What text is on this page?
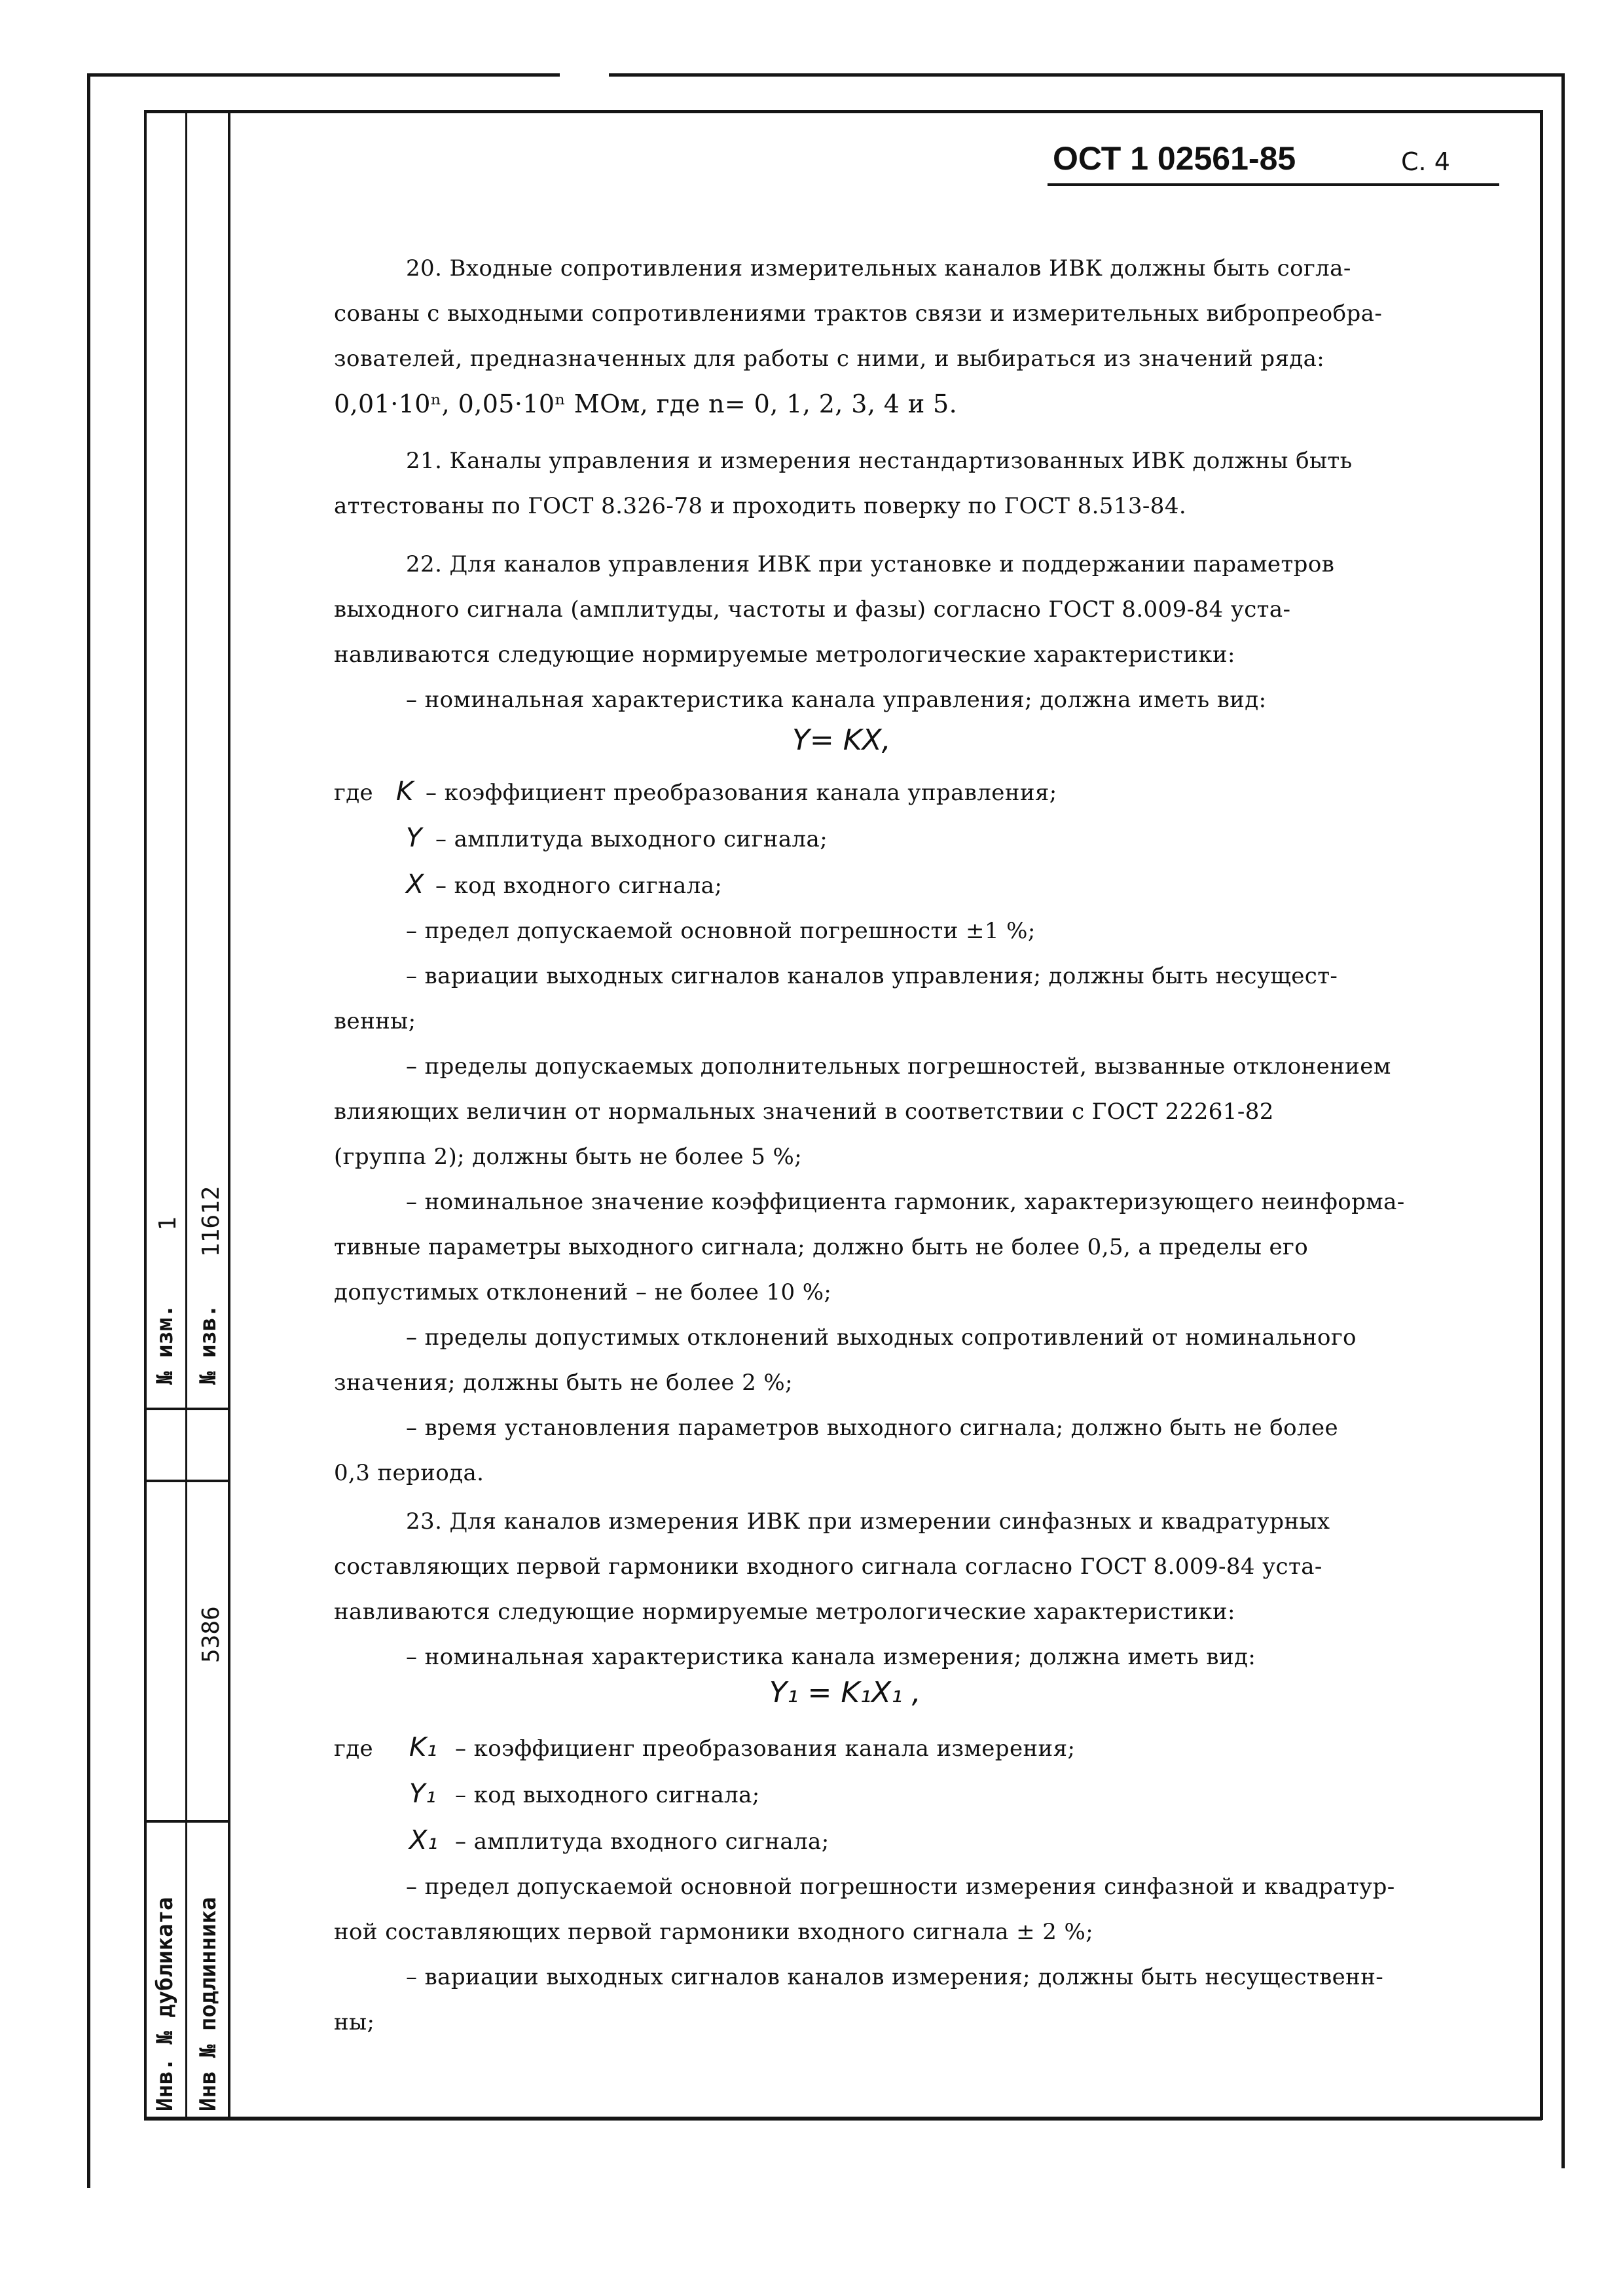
№ изм.
1
№ изв.
11612
Инв. № дубликата
5386
Инв № подлинника
ОСТ 1 02561-85	С. 4

20. Входные сопротивления измерительных каналов ИВК должны быть согла-

сованы с выходными сопротивлениями трактов связи и измерительных вибропреобра-

зователей, предназначенных для работы с ними, и выбираться из значений ряда:

0,01·10ⁿ, 0,05·10ⁿ МОм, где n= 0, 1, 2, 3, 4 и 5.

21. Каналы управления и измерения нестандартизованных ИВК должны быть

аттестованы по ГОСТ 8.326-78 и проходить поверку по ГОСТ 8.513-84.

22. Для каналов управления ИВК при установке и поддержании параметров

выходного сигнала (амплитуды, частоты и фазы) согласно ГОСТ 8.009-84 уста-

навливаются следующие нормируемые метрологические характеристики:

– номинальная характеристика канала управления; должна иметь вид:

Y= KX,

где K – коэффициент преобразования канала управления;

Y – амплитуда выходного сигнала;

X – код входного сигнала;

– предел допускаемой основной погрешности ±1 %;

– вариации выходных сигналов каналов управления; должны быть несущест-

венны;

– пределы допускаемых дополнительных погрешностей, вызванные отклонением

влияющих величин от нормальных значений в соответствии с ГОСТ 22261-82

(группа 2); должны быть не более 5 %;

– номинальное значение коэффициента гармоник, характеризующего неинформа-

тивные параметры выходного сигнала; должно быть не более 0,5, а пределы его

допустимых отклонений – не более 10 %;

– пределы допустимых отклонений выходных сопротивлений от номинального

значения; должны быть не более 2 %;

– время установления параметров выходного сигнала; должно быть не более

0,3 периода.

23. Для каналов измерения ИВК при измерении синфазных и квадратурных

составляющих первой гармоники входного сигнала согласно ГОСТ 8.009-84 уста-

навливаются следующие нормируемые метрологические характеристики:

– номинальная характеристика канала измерения; должна иметь вид:

Y₁ = K₁X₁ ,

где K₁ – коэффициенг преобразования канала измерения;

Y₁ – код выходного сигнала;

X₁ – амплитуда входного сигнала;

– предел допускаемой основной погрешности измерения синфазной и квадратур-

ной составляющих первой гармоники входного сигнала ± 2 %;

– вариации выходных сигналов каналов измерения; должны быть несущественн-

ны;
